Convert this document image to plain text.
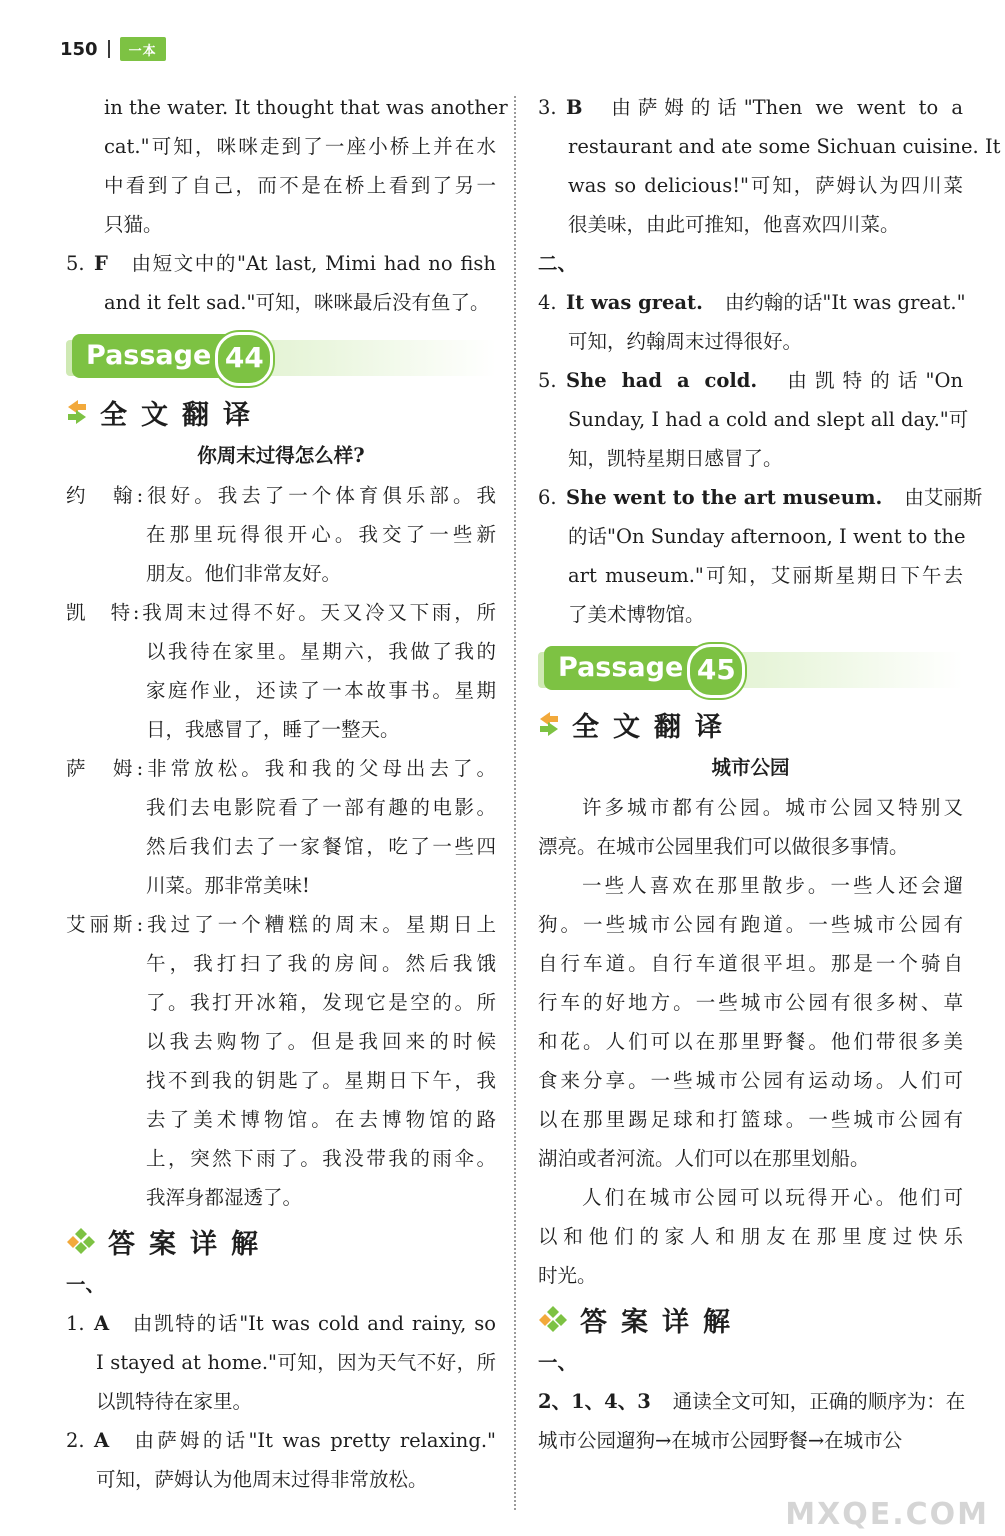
150	一本
in the water. It thought that was another
cat."可知，咪咪走到了一座小桥上并在水
中看到了自己，而不是在桥上看到了另一
只猫。
5. F 由短文中的"At last, Mimi had no fish
and it felt sad."可知，咪咪最后没有鱼了。
Passage 44
全文翻译
你周末过得怎么样?
约　翰:很好。我去了一个体育俱乐部。我
在那里玩得很开心。我交了一些新
朋友。他们非常友好。
凯　特:我周末过得不好。天又冷又下雨，所
以我待在家里。星期六，我做了我的
家庭作业，还读了一本故事书。星期
日，我感冒了，睡了一整天。
萨　姆:非常放松。我和我的父母出去了。
我们去电影院看了一部有趣的电影。
然后我们去了一家餐馆，吃了一些四
川菜。那非常美味!
艾丽斯:我过了一个糟糕的周末。星期日上
午，我打扫了我的房间。然后我饿
了。我打开冰箱，发现它是空的。所
以我去购物了。但是我回来的时候
找不到我的钥匙了。星期日下午，我
去了美术博物馆。在去博物馆的路
上，突然下雨了。我没带我的雨伞。
我浑身都湿透了。
答案详解
一、
1. A 由凯特的话"It was cold and rainy, so
I stayed at home."可知，因为天气不好，所
以凯特待在家里。
2. A 由萨姆的话"It was pretty relaxing."
可知，萨姆认为他周末过得非常放松。
3. B 由萨姆的话"Then we went to a
restaurant and ate some Sichuan cuisine. It
was so delicious!"可知，萨姆认为四川菜
很美味，由此可推知，他喜欢四川菜。
二、
4. It was great. 由约翰的话"It was great."
可知，约翰周末过得很好。
5. She had a cold. 由凯特的话"On
Sunday, I had a cold and slept all day."可
知，凯特星期日感冒了。
6. She went to the art museum. 由艾丽斯
的话"On Sunday afternoon, I went to the
art museum."可知，艾丽斯星期日下午去
了美术博物馆。
Passage 45
全文翻译
城市公园
许多城市都有公园。城市公园又特别又
漂亮。在城市公园里我们可以做很多事情。
一些人喜欢在那里散步。一些人还会遛
狗。一些城市公园有跑道。一些城市公园有
自行车道。自行车道很平坦。那是一个骑自
行车的好地方。一些城市公园有很多树、草
和花。人们可以在那里野餐。他们带很多美
食来分享。一些城市公园有运动场。人们可
以在那里踢足球和打篮球。一些城市公园有
湖泊或者河流。人们可以在那里划船。
人们在城市公园可以玩得开心。他们可
以和他们的家人和朋友在那里度过快乐
时光。
答案详解
一、
2、1、4、3 通读全文可知，正确的顺序为：在
城市公园遛狗→在城市公园野餐→在城市公
MXQE.COM
